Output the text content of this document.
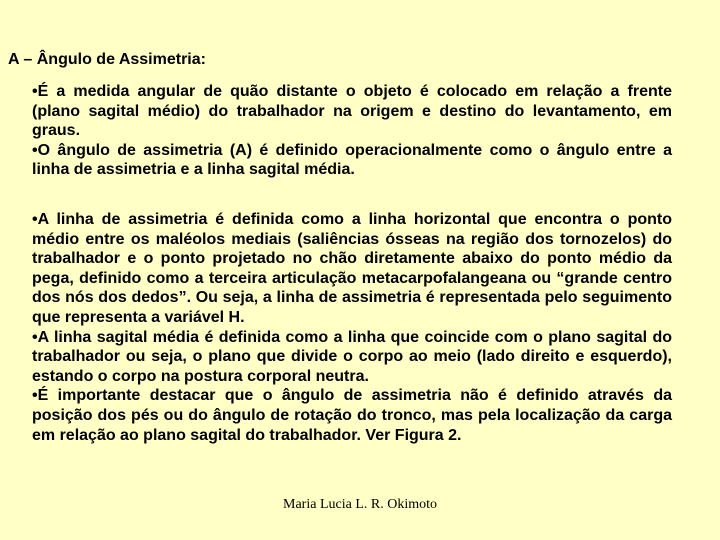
A – Ângulo de Assimetria:
•É a medida angular de quão distante o objeto é colocado em relação a frente (plano sagital médio) do trabalhador na origem e destino do levantamento, em graus.
•O ângulo de assimetria (A) é definido operacionalmente como o ângulo entre a linha de assimetria e a linha sagital média.
•A linha de assimetria é definida como a linha horizontal que encontra o ponto médio entre os maléolos mediais (saliências ósseas na região dos tornozelos) do trabalhador e o ponto projetado no chão diretamente abaixo do ponto médio da pega, definido como a terceira articulação metacarpofalangeana ou “grande centro dos nós dos dedos”. Ou seja, a linha de assimetria é representada pelo seguimento que representa a variável H.
•A linha sagital média é definida como a linha que coincide com o plano sagital do trabalhador ou seja, o plano que divide o corpo ao meio (lado direito e esquerdo), estando o corpo na postura corporal neutra.
•É importante destacar que o ângulo de assimetria não é definido através da posição dos pés ou do ângulo de rotação do tronco, mas pela localização da carga em relação ao plano sagital do trabalhador. Ver Figura 2.
Maria Lucia L. R. Okimoto
